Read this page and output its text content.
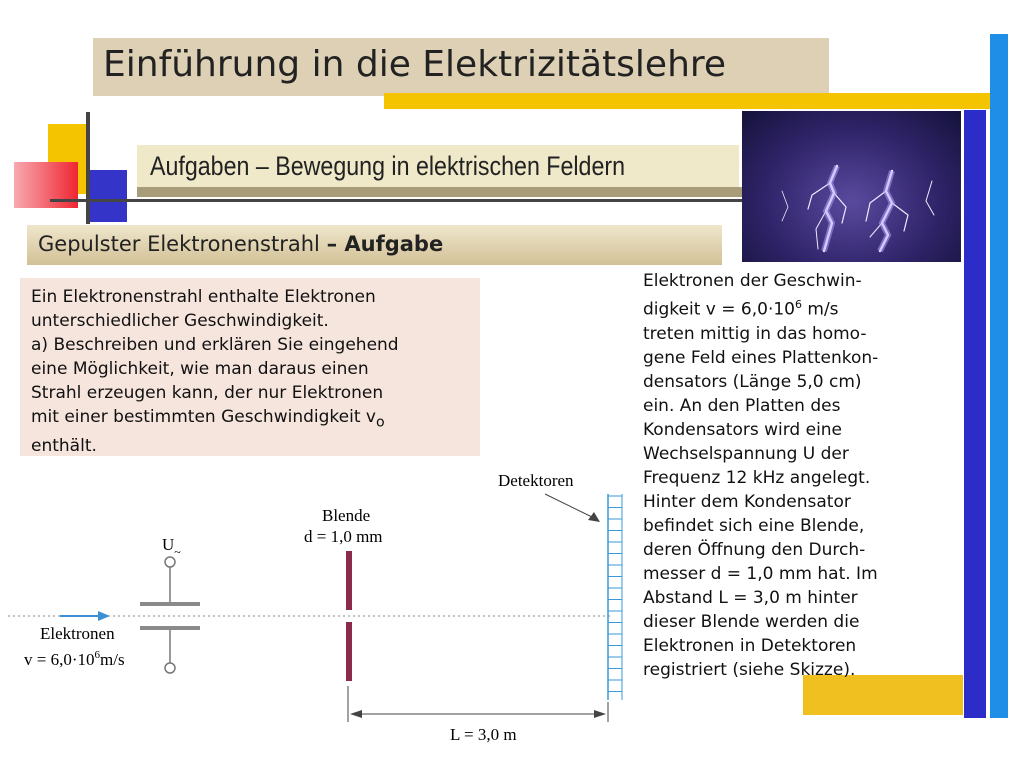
Einführung in die Elektrizitätslehre
Aufgaben – Bewegung in elektrischen Feldern
Gepulster Elektronenstrahl – Aufgabe
Ein Elektronenstrahl enthalte Elektronen
unterschiedlicher Geschwindigkeit.
a) Beschreiben und erklären Sie eingehend
eine Möglichkeit, wie man daraus einen
Strahl erzeugen kann, der nur Elektronen
mit einer bestimmten Geschwindigkeit $v_o$
enthält.
Elektronen der Geschwin-
digkeit $v = 6,0\cdot 10^6$ m/s
treten mittig in das homo-
gene Feld eines Plattenkon-
densators (Länge 5,0 cm)
ein. An den Platten des
Kondensators wird eine
Wechselspannung U der
Frequenz 12 kHz angelegt.
Hinter dem Kondensator
befindet sich eine Blende,
deren Öffnung den Durch-
messer d = 1,0 mm hat. Im
Abstand L = 3,0 m hinter
dieser Blende werden die
Elektronen in Detektoren
registriert (siehe Skizze).
$U_\sim$
Elektronen
$v = 6,0\cdot 10^6m/s$
Blende
d = 1,0 mm
Detektoren
L = 3,0 m
